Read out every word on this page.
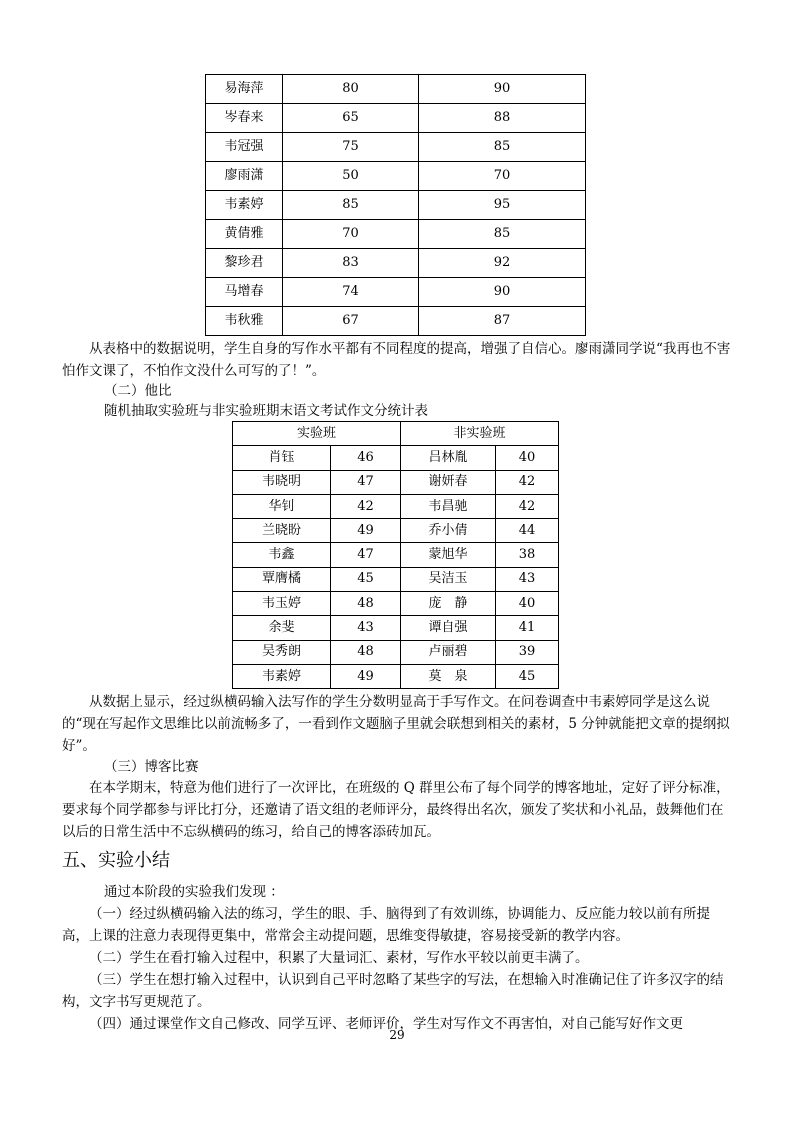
易海萍	80	90
岑春来	65	88
韦冠强	75	85
廖雨潇	50	70
韦素婷	85	95
黄倩雅	70	85
黎珍君	83	92
马增春	74	90
韦秋雅	67	87

从表格中的数据说明，学生自身的写作水平都有不同程度的提高，增强了自信心。廖雨潇同学说“我再也不害怕作文课了，不怕作文没什么可写的了！”。

（二）他比

随机抽取实验班与非实验班期末语文考试作文分统计表

实验班		非实验班	
肖钰	46	吕林胤	40
韦晓明	47	谢妍春	42
华钊	42	韦昌驰	42
兰晓盼	49	乔小倩	44
韦鑫	47	蒙旭华	38
覃膺橘	45	吴洁玉	43
韦玉婷	48	庞　静	40
余斐	43	谭自强	41
吴秀朗	48	卢丽碧	39
韦素婷	49	莫　泉	45

从数据上显示，经过纵横码输入法写作的学生分数明显高于手写作文。在问卷调查中韦素婷同学是这么说的“现在写起作文思维比以前流畅多了，一看到作文题脑子里就会联想到相关的素材，5 分钟就能把文章的提纲拟好”。

（三）博客比赛

在本学期末，特意为他们进行了一次评比，在班级的 Q 群里公布了每个同学的博客地址，定好了评分标准，要求每个同学都参与评比打分，还邀请了语文组的老师评分，最终得出名次，颁发了奖状和小礼品，鼓舞他们在以后的日常生活中不忘纵横码的练习，给自己的博客添砖加瓦。

五、实验小结

通过本阶段的实验我们发现 ：

（一）经过纵横码输入法的练习，学生的眼、手、脑得到了有效训练，协调能力、反应能力较以前有所提高，上课的注意力表现得更集中，常常会主动提问题，思维变得敏捷，容易接受新的教学内容。

（二）学生在看打输入过程中，积累了大量词汇、素材，写作水平较以前更丰满了。

（三）学生在想打输入过程中，认识到自己平时忽略了某些字的写法，在想输入时准确记住了许多汉字的结构，文字书写更规范了。

（四）通过课堂作文自己修改、同学互评、老师评价，学生对写作文不再害怕，对自己能写好作文更

29
